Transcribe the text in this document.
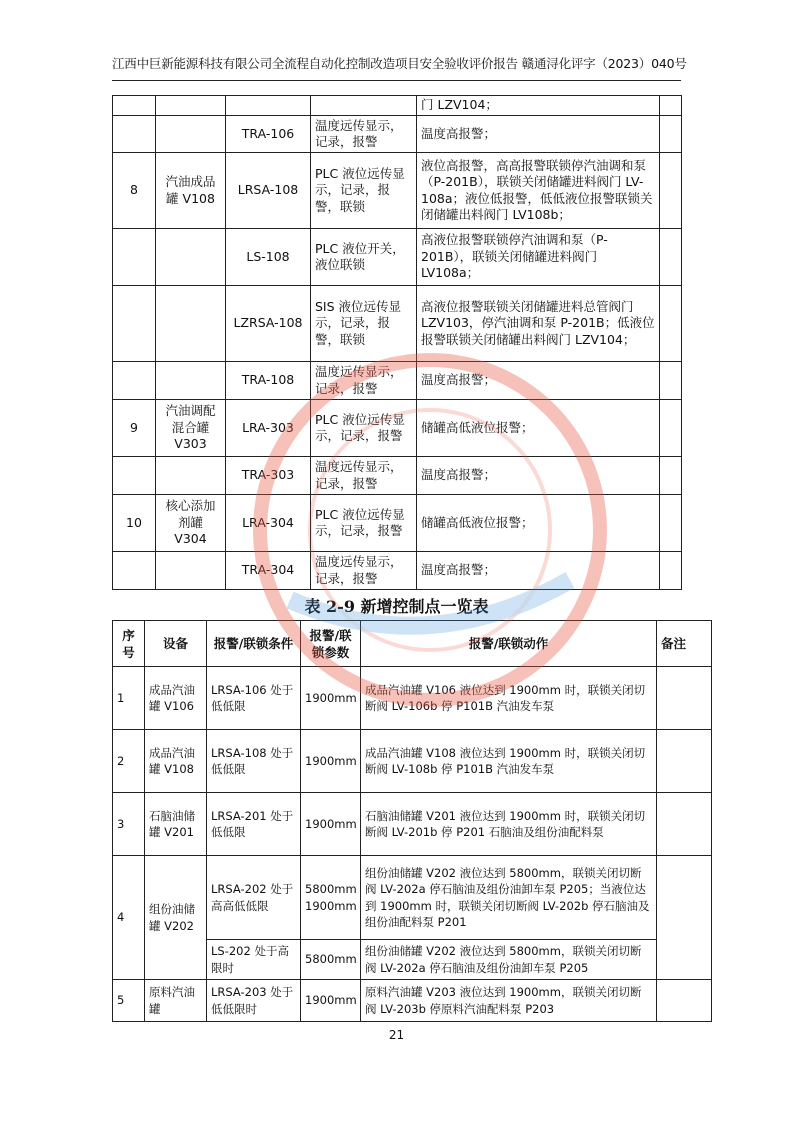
江西中巨新能源科技有限公司全流程自动化控制改造项目安全验收评价报告 赣通浔化评字（2023）040号
				门 LZV104；	
		TRA-106	温度远传显示，记录，报警	温度高报警；	
8	汽油成品罐 V108	LRSA-108	PLC 液位远传显示，记录，报警，联锁	液位高报警，高高报警联锁停汽油调和泵（P-201B），联锁关闭储罐进料阀门 LV-108a；液位低报警，低低液位报警联锁关闭储罐出料阀门 LV108b；	
		LS-108	PLC 液位开关，液位联锁	高液位报警联锁停汽油调和泵（P-201B），联锁关闭储罐进料阀门 LV108a；	
		LZRSA-108	SIS 液位远传显示，记录，报警，联锁	高液位报警联锁关闭储罐进料总管阀门 LZV103，停汽油调和泵 P-201B；低液位报警联锁关闭储罐出料阀门 LZV104；	
		TRA-108	温度远传显示，记录，报警	温度高报警；	
9	汽油调配混合罐 V303	LRA-303	PLC 液位远传显示，记录，报警	储罐高低液位报警；	
		TRA-303	温度远传显示，记录，报警	温度高报警；	
10	核心添加剂罐 V304	LRA-304	PLC 液位远传显示，记录，报警	储罐高低液位报警；	
		TRA-304	温度远传显示，记录，报警	温度高报警；	
表 2-9 新增控制点一览表
序号	设备	报警/联锁条件	报警/联锁参数	报警/联锁动作	备注
1	成品汽油罐 V106	LRSA-106 处于低低限	1900mm	成品汽油罐 V106 液位达到 1900mm 时，联锁关闭切断阀 LV-106b 停 P101B 汽油发车泵	
2	成品汽油罐 V108	LRSA-108 处于低低限	1900mm	成品汽油罐 V108 液位达到 1900mm 时，联锁关闭切断阀 LV-108b 停 P101B 汽油发车泵	
3	石脑油储罐 V201	LRSA-201 处于低低限	1900mm	石脑油储罐 V201 液位达到 1900mm 时，联锁关闭切断阀 LV-201b 停 P201 石脑油及组份油配料泵	
4	组份油储罐 V202	LRSA-202 处于高高低低限	5800mm 1900mm	组份油储罐 V202 液位达到 5800mm，联锁关闭切断阀 LV-202a 停石脑油及组份油卸车泵 P205；当液位达到 1900mm 时，联锁关闭切断阀 LV-202b 停石脑油及组份油配料泵 P201	
		LS-202 处于高限时	5800mm	组份油储罐 V202 液位达到 5800mm，联锁关闭切断阀 LV-202a 停石脑油及组份油卸车泵 P205	
5	原料汽油罐	LRSA-203 处于低低限时	1900mm	原料汽油罐 V203 液位达到 1900mm，联锁关闭切断阀 LV-203b 停原料汽油配料泵 P203	
21
